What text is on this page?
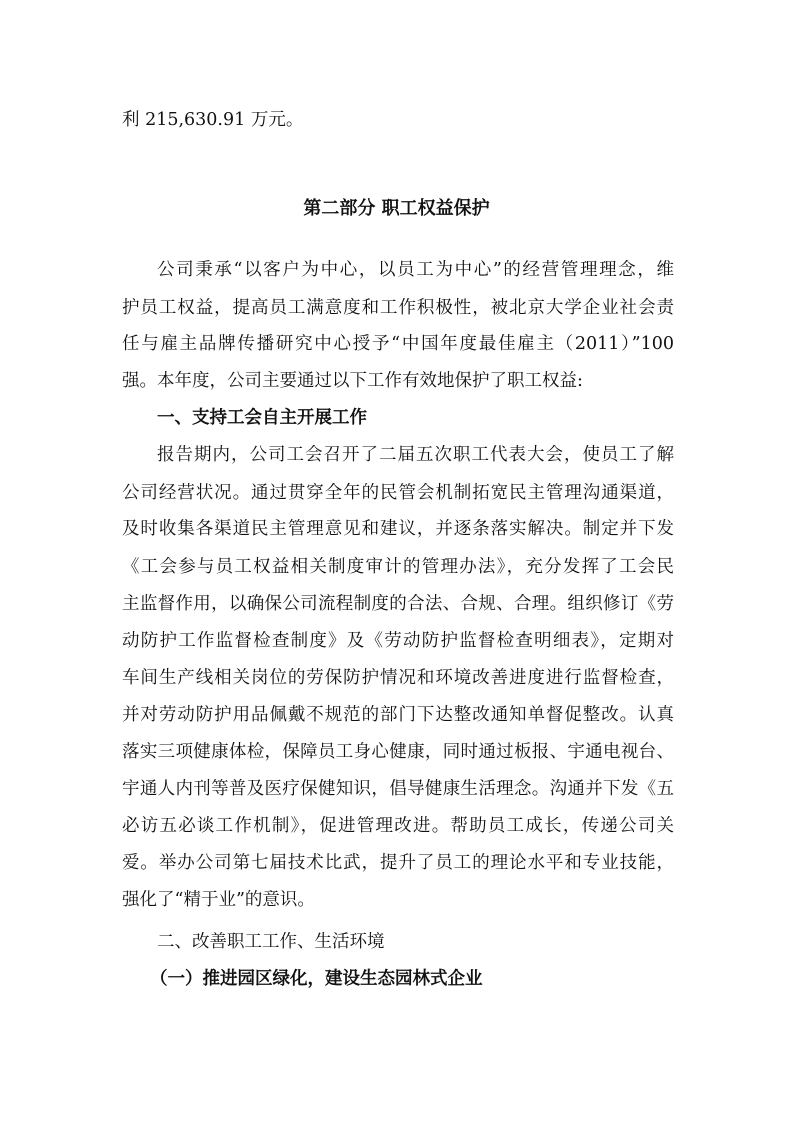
利 215,630.91 万元。
第二部分 职工权益保护
公司秉承“以客户为中心，以员工为中心”的经营管理理念，维
护员工权益，提高员工满意度和工作积极性，被北京大学企业社会责
任与雇主品牌传播研究中心授予“中国年度最佳雇主（2011）”100
强。本年度，公司主要通过以下工作有效地保护了职工权益:
一、支持工会自主开展工作
报告期内，公司工会召开了二届五次职工代表大会，使员工了解
公司经营状况。通过贯穿全年的民管会机制拓宽民主管理沟通渠道，
及时收集各渠道民主管理意见和建议，并逐条落实解决。制定并下发
《工会参与员工权益相关制度审计的管理办法》，充分发挥了工会民
主监督作用，以确保公司流程制度的合法、合规、合理。组织修订《劳
动防护工作监督检查制度》及《劳动防护监督检查明细表》，定期对
车间生产线相关岗位的劳保防护情况和环境改善进度进行监督检查，
并对劳动防护用品佩戴不规范的部门下达整改通知单督促整改。认真
落实三项健康体检，保障员工身心健康，同时通过板报、宇通电视台、
宇通人内刊等普及医疗保健知识，倡导健康生活理念。沟通并下发《五
必访五必谈工作机制》，促进管理改进。帮助员工成长，传递公司关
爱。举办公司第七届技术比武，提升了员工的理论水平和专业技能，
强化了“精于业”的意识。
二、改善职工工作、生活环境
（一）推进园区绿化，建设生态园林式企业
